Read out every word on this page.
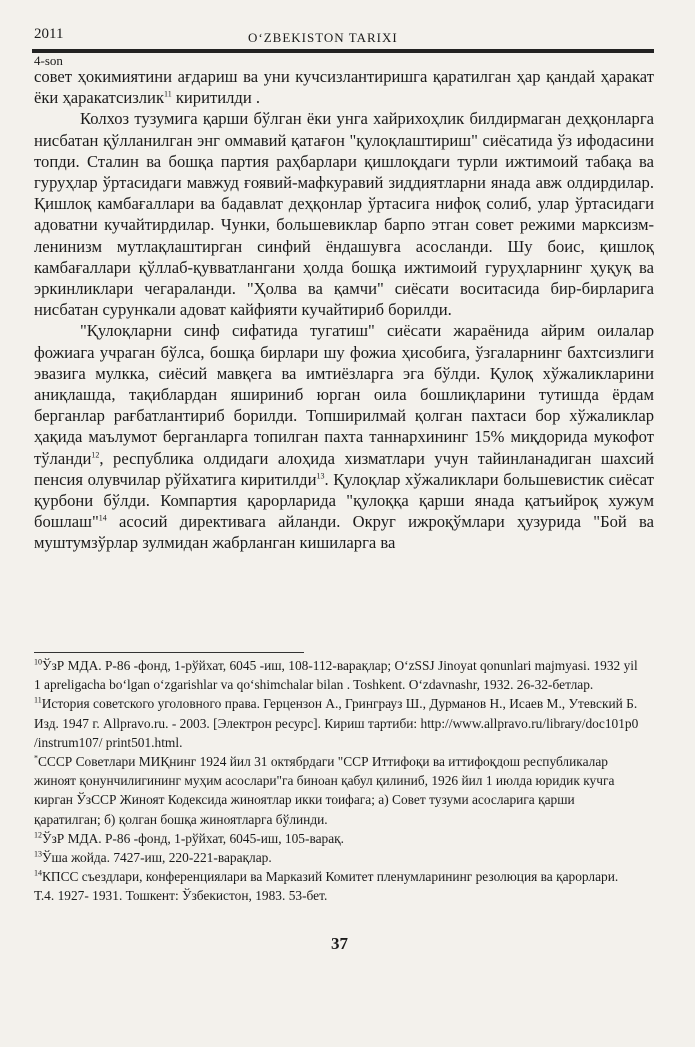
2011	O‘ZBEKISTON TARIXI
4-son

совет ҳокимиятини ағдариш ва уни кучсизлантиришга қаратилган ҳар қандай ҳаракат ёки ҳаракатсизлик$^{11}$ киритилди .

Колхоз тузумига қарши бўлган ёки унга хайрихоҳлик билдирмаган деҳқонларга нисбатан қўлланилган энг оммавий қатағон "қулоқлаштириш" сиёсатида ўз ифодасини топди. Сталин ва бошқа партия раҳбарлари қишлоқдаги турли ижтимоий табақа ва гуруҳлар ўртасидаги мавжуд ғоявий-мафкуравий зиддиятларни янада авж олдирдилар. Қишлоқ камбағаллари ва бадавлат деҳқонлар ўртасига нифоқ солиб, улар ўртасидаги адоватни кучайтирдилар. Чунки, большевиклар барпо этган совет режими марксизм-ленинизм мутлақлаштирган синфий ёндашувга асосланди. Шу боис, қишлоқ камбағаллари қўллаб-қувватлангани ҳолда бошқа ижтимоий гуруҳларнинг ҳуқуқ ва эркинликлари чегараланди. "Ҳолва ва қамчи" сиёсати воситасида бир-бирларига нисбатан сурункали адоват кайфияти кучайтириб борилди.

"Қулоқларни синф сифатида тугатиш" сиёсати жараёнида айрим оилалар фожиага учраган бўлса, бошқа бирлари шу фожиа ҳисобига, ўзгаларнинг бахтсизлиги эвазига мулкка, сиёсий мавқега ва имтиёзларга эга бўлди. Қулоқ хўжаликларини аниқлашда, тақиблардан яшириниб юрган оила бошлиқларини тутишда ёрдам берганлар рағбатлантириб борилди. Топширилмай қолган пахтаси бор хўжаликлар ҳақида маълумот берганларга топилган пахта таннархининг 15% миқдорида мукофот тўланди$^{12}$, республика олдидаги алоҳида хизматлари учун тайинланадиган шахсий пенсия олувчилар рўйхатига киритилди$^{13}$. Қулоқлар хўжаликлари большевистик сиёсат қурбони бўлди. Компартия қарорларида "қулоққа қарши янада қатъийроқ хужум бошлаш"$^{14}$ асосий директивага айланди. Округ ижроқўмлари ҳузурида "Бой ва муштумзўрлар зулмидан жабрланган кишиларга ва

$^{10}$ЎзР МДА. Р-86 -фонд, 1-рўйхат, 6045 -иш, 108-112-варақлар; O‘zSSJ Jinoyat qonunlari majmyasi. 1932 yil 1 apreligacha bo‘lgan o‘zgarishlar va qo‘shimchalar bilan . Toshkent. O‘zdavnashr, 1932. 26-32-бетлар.

$^{11}$История советского уголовного права. Герцензон А., Гринграуз Ш., Дурманов Н., Исаев М., Утевский Б. Изд. 1947 г. Allpravo.ru. - 2003. [Электрон ресурс]. Кириш тартиби: http://www.allpravo.ru/library/doc101p0 /instrum107/ print501.html.

*СССР Советлари МИҚнинг 1924 йил 31 октябрдаги "ССР Иттифоқи ва иттифоқдош республикалар жиноят қонунчилигининг муҳим асослари"га биноан қабул қилиниб, 1926 йил 1 июлда юридик кучга кирган ЎзССР Жиноят Кодексида жиноятлар икки тоифага; а) Совет тузуми асосларига қарши қаратилган; б) қолган бошқа жиноятларга бўлинди.

$^{12}$ЎзР МДА. Р-86 -фонд, 1-рўйхат, 6045-иш, 105-варақ.

$^{13}$Ўша жойда. 7427-иш, 220-221-варақлар.

$^{14}$КПСС съездлари, конференциялари ва Марказий Комитет пленумларининг резолюция ва қарорлари. Т.4. 1927- 1931. Тошкент: Ўзбекистон, 1983. 53-бет.

37
